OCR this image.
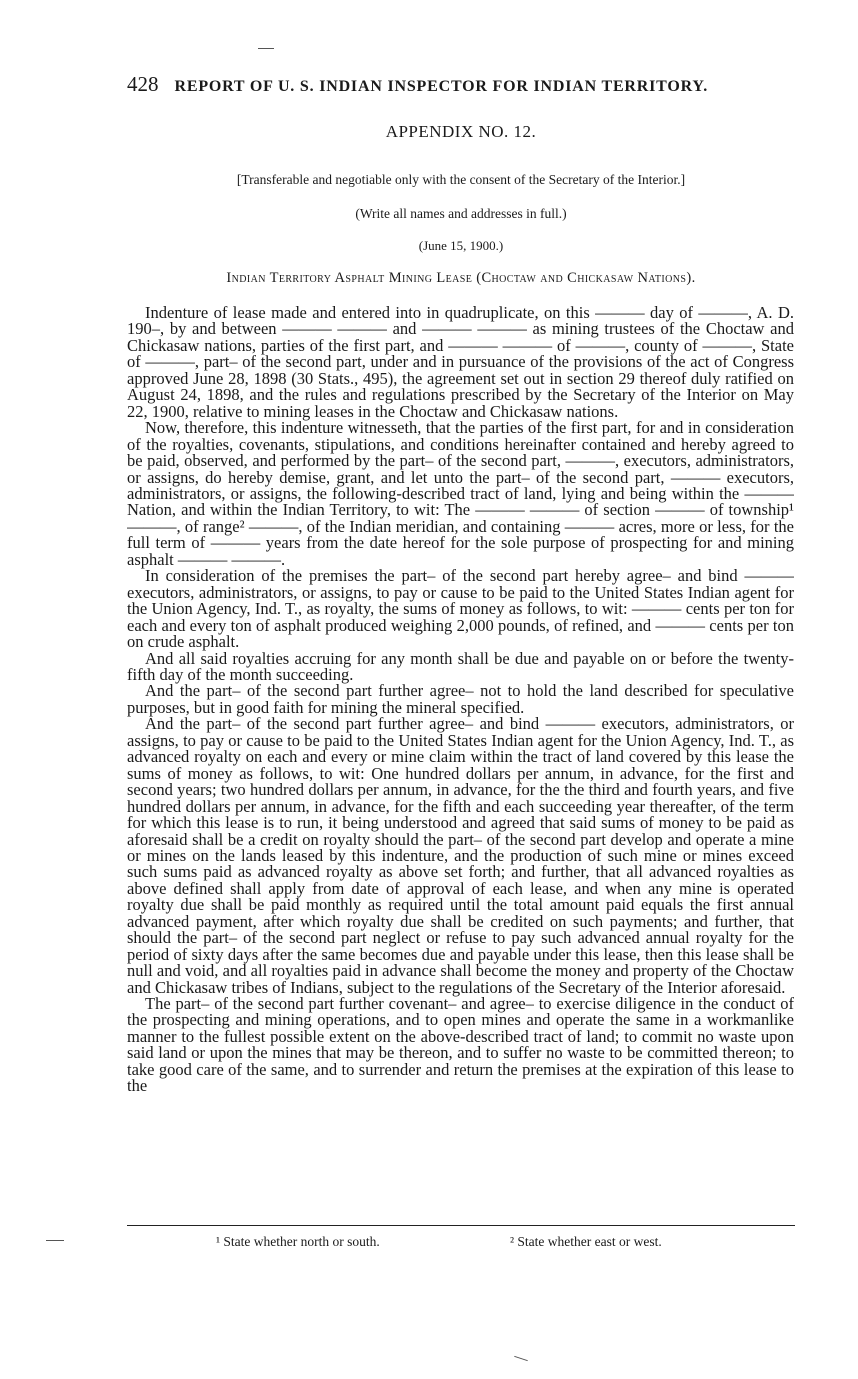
428 REPORT OF U. S. INDIAN INSPECTOR FOR INDIAN TERRITORY.
APPENDIX NO. 12.
[Transferable and negotiable only with the consent of the Secretary of the Interior.]
(Write all names and addresses in full.)
(June 15, 1900.)
Indian Territory Asphalt Mining Lease (Choctaw and Chickasaw Nations).

Indenture of lease made and entered into in quadruplicate, on this ——— day of ———, A. D. 190–, by and between ——— ——— and ——— ——— as mining trustees of the Choctaw and Chickasaw nations, parties of the first part, and ——— ——— of ———, county of ———, State of ———, part– of the second part, under and in pursuance of the provisions of the act of Congress approved June 28, 1898 (30 Stats., 495), the agreement set out in section 29 thereof duly ratified on August 24, 1898, and the rules and regulations prescribed by the Secretary of the Interior on May 22, 1900, relative to mining leases in the Choctaw and Chickasaw nations.

Now, therefore, this indenture witnesseth, that the parties of the first part, for and in consideration of the royalties, covenants, stipulations, and conditions hereinafter contained and hereby agreed to be paid, observed, and performed by the part– of the second part, ———, executors, administrators, or assigns, do hereby demise, grant, and let unto the part– of the second part, ——— executors, administrators, or assigns, the following-described tract of land, lying and being within the ——— Nation, and within the Indian Territory, to wit: The ——— ——— of section ——— of township¹ ———, of range² ———, of the Indian meridian, and containing ——— acres, more or less, for the full term of ——— years from the date hereof for the sole purpose of prospecting for and mining asphalt ——— ———.

In consideration of the premises the part– of the second part hereby agree– and bind ——— executors, administrators, or assigns, to pay or cause to be paid to the United States Indian agent for the Union Agency, Ind. T., as royalty, the sums of money as follows, to wit: ——— cents per ton for each and every ton of asphalt produced weighing 2,000 pounds, of refined, and ——— cents per ton on crude asphalt.

And all said royalties accruing for any month shall be due and payable on or before the twenty-fifth day of the month succeeding.

And the part– of the second part further agree– not to hold the land described for speculative purposes, but in good faith for mining the mineral specified.

And the part– of the second part further agree– and bind ——— executors, administrators, or assigns, to pay or cause to be paid to the United States Indian agent for the Union Agency, Ind. T., as advanced royalty on each and every or mine claim within the tract of land covered by this lease the sums of money as follows, to wit: One hundred dollars per annum, in advance, for the first and second years; two hundred dollars per annum, in advance, for the the third and fourth years, and five hundred dollars per annum, in advance, for the fifth and each succeeding year thereafter, of the term for which this lease is to run, it being understood and agreed that said sums of money to be paid as aforesaid shall be a credit on royalty should the part– of the second part develop and operate a mine or mines on the lands leased by this indenture, and the production of such mine or mines exceed such sums paid as advanced royalty as above set forth; and further, that all advanced royalties as above defined shall apply from date of approval of each lease, and when any mine is operated royalty due shall be paid monthly as required until the total amount paid equals the first annual advanced payment, after which royalty due shall be credited on such payments; and further, that should the part– of the second part neglect or refuse to pay such advanced annual royalty for the period of sixty days after the same becomes due and payable under this lease, then this lease shall be null and void, and all royalties paid in advance shall become the money and property of the Choctaw and Chickasaw tribes of Indians, subject to the regulations of the Secretary of the Interior aforesaid.

The part– of the second part further covenant– and agree– to exercise diligence in the conduct of the prospecting and mining operations, and to open mines and operate the same in a workmanlike manner to the fullest possible extent on the above-described tract of land; to commit no waste upon said land or upon the mines that may be thereon, and to suffer no waste to be committed thereon; to take good care of the same, and to surrender and return the premises at the expiration of this lease to the

¹ State whether north or south.	² State whether east or west.
